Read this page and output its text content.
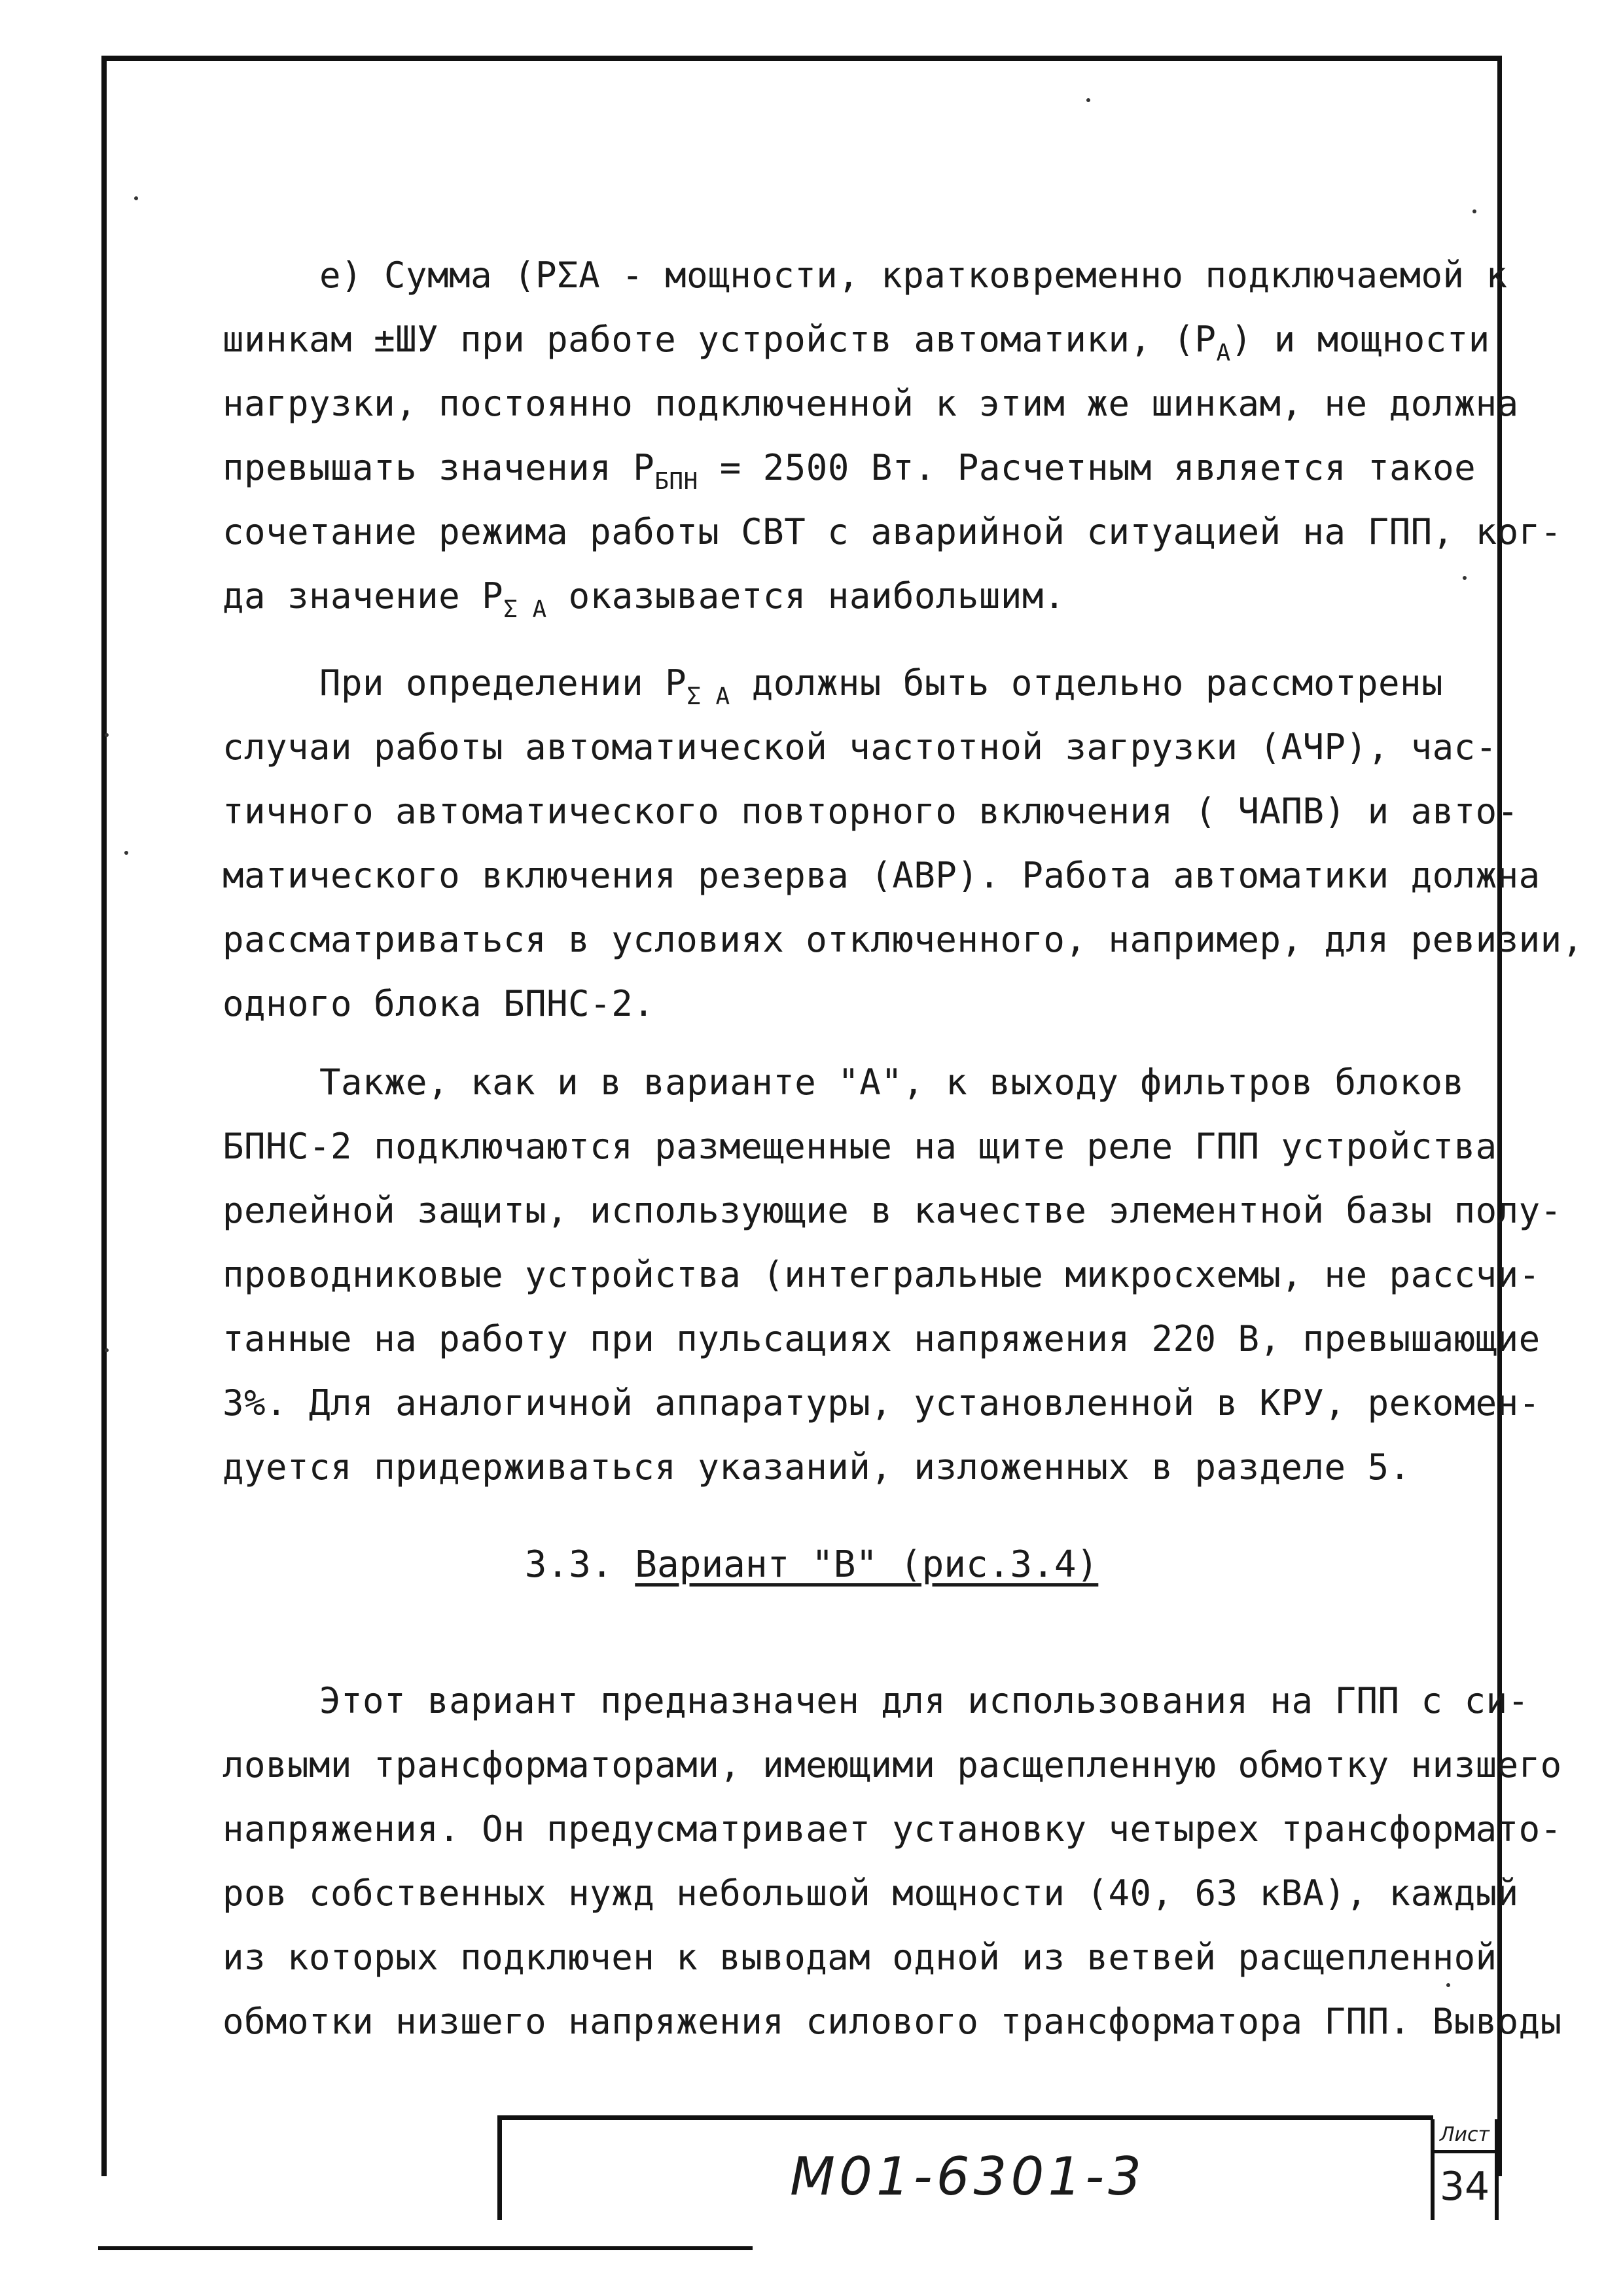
е) Сумма (РΣА - мощности, кратковременно подключаемой к
шинкам ±ШУ при работе устройств автоматики, $(Р_А)$ и мощности
нагрузки, постоянно подключенной к этим же шинкам, не должна
превышать значения $Р_{БПН} = 2500$ Вт. Расчетным является такое
сочетание режима работы СВТ с аварийной ситуацией на ГПП, ког-
да значение $Р_{\Sigma А}$ оказывается наибольшим.
При определении $Р_{\Sigma А}$ должны быть отдельно рассмотрены
случаи работы автоматической частотной загрузки (АЧР), час-
тичного автоматического повторного включения ( ЧАПВ) и авто-
матического включения резерва (АВР). Работа автоматики должна
рассматриваться в условиях отключенного, например, для ревизии,
одного блока БПНС-2.
Также, как и в варианте "А", к выходу фильтров блоков
БПНС-2 подключаются размещенные на щите реле ГПП устройства
релейной защиты, использующие в качестве элементной базы полу-
проводниковые устройства (интегральные микросхемы, не рассчи-
танные на работу при пульсациях напряжения 220 В, превышающие
3%. Для аналогичной аппаратуры, установленной в КРУ, рекомен-
дуется придерживаться указаний, изложенных в разделе 5.
3.3. Вариант "В" (рис.3.4)
Этот вариант предназначен для использования на ГПП с си-
ловыми трансформаторами, имеющими расщепленную обмотку низшего
напряжения. Он предусматривает установку четырех трансформато-
ров собственных нужд небольшой мощности (40, 63 кВА), каждый
из которых подключен к выводам одной из ветвей расщепленной
обмотки низшего напряжения силового трансформатора ГПП. Выводы
М01-6301-3
Лист
34
